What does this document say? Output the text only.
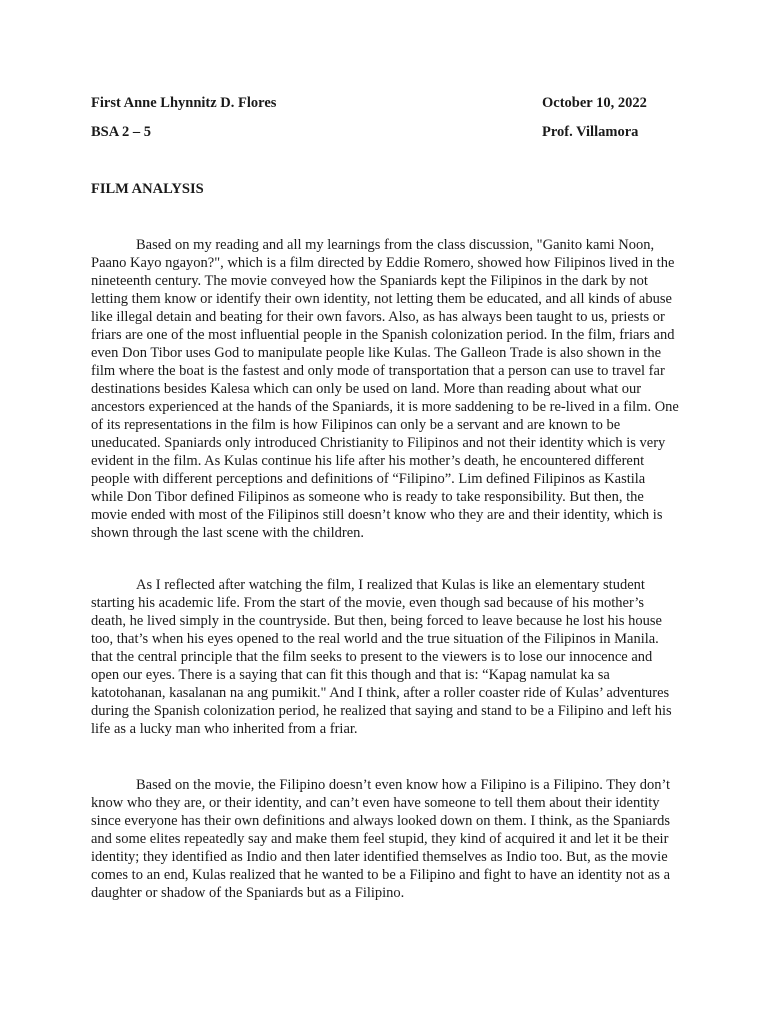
First Anne Lhynnitz D. Flores	October 10, 2022
BSA 2 – 5	Prof. Villamora
FILM ANALYSIS

Based on my reading and all my learnings from the class discussion, "Ganito kami Noon, Paano Kayo ngayon?", which is a film directed by Eddie Romero, showed how Filipinos lived in the nineteenth century. The movie conveyed how the Spaniards kept the Filipinos in the dark by not letting them know or identify their own identity, not letting them be educated, and all kinds of abuse like illegal detain and beating for their own favors. Also, as has always been taught to us, priests or friars are one of the most influential people in the Spanish colonization period. In the film, friars and even Don Tibor uses God to manipulate people like Kulas. The Galleon Trade is also shown in the film where the boat is the fastest and only mode of transportation that a person can use to travel far destinations besides Kalesa which can only be used on land. More than reading about what our ancestors experienced at the hands of the Spaniards, it is more saddening to be re-lived in a film. One of its representations in the film is how Filipinos can only be a servant and are known to be uneducated. Spaniards only introduced Christianity to Filipinos and not their identity which is very evident in the film. As Kulas continue his life after his mother’s death, he encountered different people with different perceptions and definitions of “Filipino”. Lim defined Filipinos as Kastila while Don Tibor defined Filipinos as someone who is ready to take responsibility. But then, the movie ended with most of the Filipinos still doesn’t know who they are and their identity, which is shown through the last scene with the children.

As I reflected after watching the film, I realized that Kulas is like an elementary student starting his academic life. From the start of the movie, even though sad because of his mother’s death, he lived simply in the countryside. But then, being forced to leave because he lost his house too, that’s when his eyes opened to the real world and the true situation of the Filipinos in Manila. that the central principle that the film seeks to present to the viewers is to lose our innocence and open our eyes. There is a saying that can fit this though and that is: “Kapag namulat ka sa katotohanan, kasalanan na ang pumikit." And I think, after a roller coaster ride of Kulas’ adventures during the Spanish colonization period, he realized that saying and stand to be a Filipino and left his life as a lucky man who inherited from a friar.

Based on the movie, the Filipino doesn’t even know how a Filipino is a Filipino. They don’t know who they are, or their identity, and can’t even have someone to tell them about their identity since everyone has their own definitions and always looked down on them. I think, as the Spaniards and some elites repeatedly say and make them feel stupid, they kind of acquired it and let it be their identity; they identified as Indio and then later identified themselves as Indio too. But, as the movie comes to an end, Kulas realized that he wanted to be a Filipino and fight to have an identity not as a daughter or shadow of the Spaniards but as a Filipino.
